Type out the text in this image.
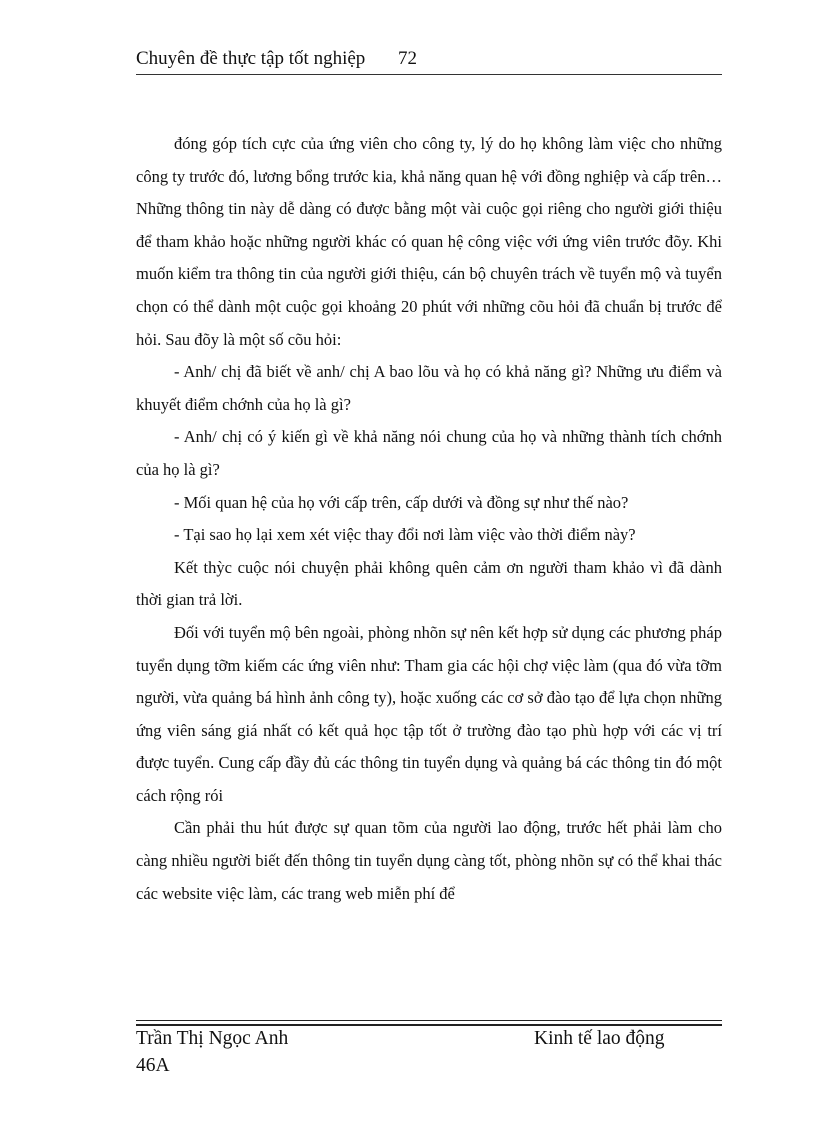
Chuyên đề thực tập tốt nghiệp 72

đóng góp tích cực của ứng viên cho công ty, lý do họ không làm việc cho những công ty trước đó, lương bổng trước kia, khả năng quan hệ với đồng nghiệp và cấp trên… Những thông tin này dễ dàng có được bằng một vài cuộc gọi riêng cho người giới thiệu để tham khảo hoặc những người khác có quan hệ công việc với ứng viên trước đõy. Khi muốn kiểm tra thông tin của người giới thiệu, cán bộ chuyên trách về tuyển mộ và tuyển chọn có thể dành một cuộc gọi khoảng 20 phút với những cõu hỏi đã chuẩn bị trước để hỏi. Sau đõy là một số cõu hỏi:

- Anh/ chị đã biết về anh/ chị A bao lõu và họ có khả năng gì? Những ưu điểm và khuyết điểm chớnh của họ là gì?

- Anh/ chị có ý kiến gì về khả năng nói chung của họ và những thành tích chớnh của họ là gì?

- Mối quan hệ của họ với cấp trên, cấp dưới và đồng sự như thế nào?

- Tại sao họ lại xem xét việc thay đổi nơi làm việc vào thời điểm này?

Kết thỳc cuộc nói chuyện phải không quên cảm ơn người tham khảo vì đã dành thời gian trả lời.

Đối với tuyển mộ bên ngoài, phòng nhõn sự nên kết hợp sử dụng các phương pháp tuyển dụng tỡm kiếm các ứng viên như: Tham gia các hội chợ việc làm (qua đó vừa tỡm người, vừa quảng bá hình ảnh công ty), hoặc xuống các cơ sở đào tạo để lựa chọn những ứng viên sáng giá nhất có kết quả học tập tốt ở trường đào tạo phù hợp với các vị trí được tuyển. Cung cấp đầy đủ các thông tin tuyển dụng và quảng bá các thông tin đó một cách rộng rói

Cần phải thu hút được sự quan tõm của người lao động, trước hết phải làm cho càng nhiều người biết đến thông tin tuyển dụng càng tốt, phòng nhõn sự có thể khai thác các website việc làm, các trang web miễn phí để

Trần Thị Ngọc Anh	Kinh tế lao động
46A
